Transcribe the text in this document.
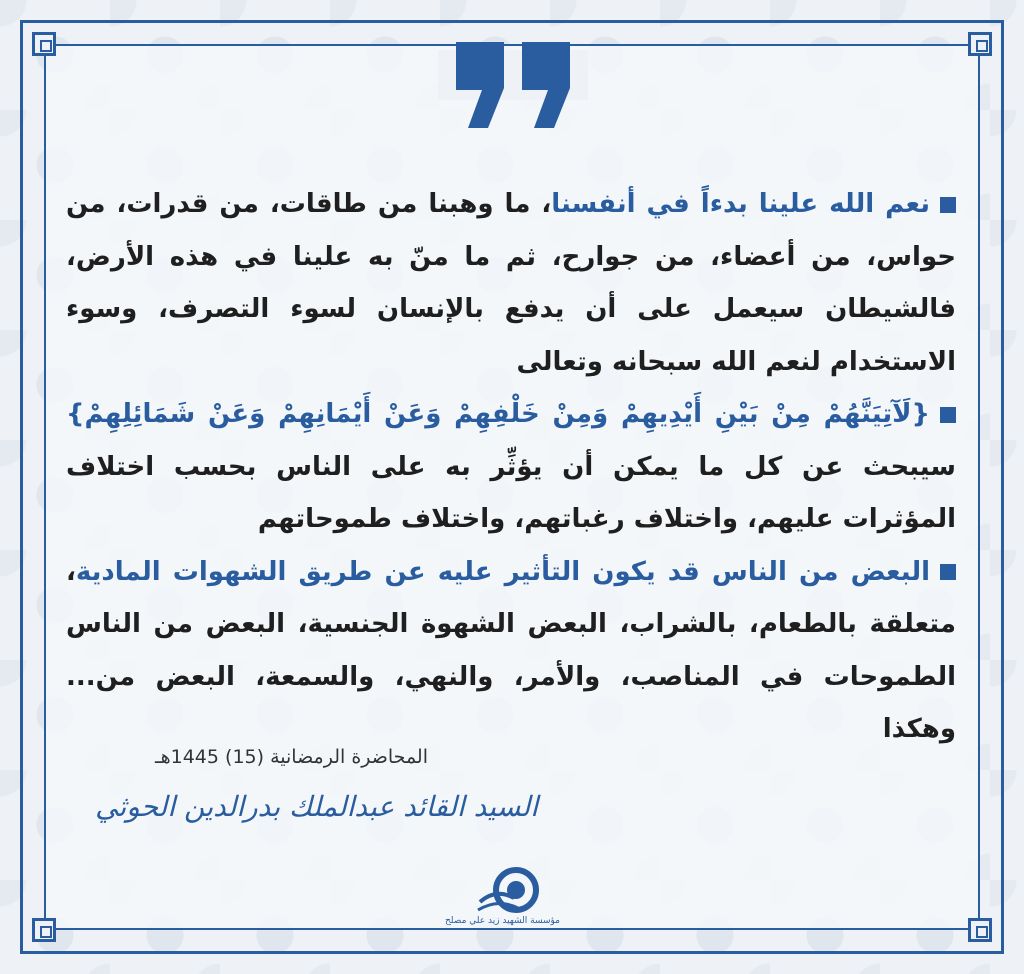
نعم الله علينا بدءاً في أنفسنا، ما وهبنا من طاقات، من قدرات، من حواس، من أعضاء، من جوارح، ثم ما منّ به علينا في هذه الأرض، فالشيطان سيعمل على أن يدفع بالإنسان لسوء التصرف، وسوء الاستخدام لنعم الله سبحانه وتعالى

{لَآتِيَنَّهُمْ مِنْ بَيْنِ أَيْدِيهِمْ وَمِنْ خَلْفِهِمْ وَعَنْ أَيْمَانِهِمْ وَعَنْ شَمَائِلِهِمْ} سيبحث عن كل ما يمكن أن يؤثِّر به على الناس بحسب اختلاف المؤثرات عليهم، واختلاف رغباتهم، واختلاف طموحاتهم

البعض من الناس قد يكون التأثير عليه عن طريق الشهوات المادية، متعلقة بالطعام، بالشراب، البعض الشهوة الجنسية، البعض من الناس الطموحات في المناصب، والأمر، والنهي، والسمعة، البعض من... وهكذا

المحاضرة الرمضانية (15) 1445هـ
السيد القائد عبدالملك بدرالدين الحوثي
مؤسسة الشهيد زيد علي مصلح
